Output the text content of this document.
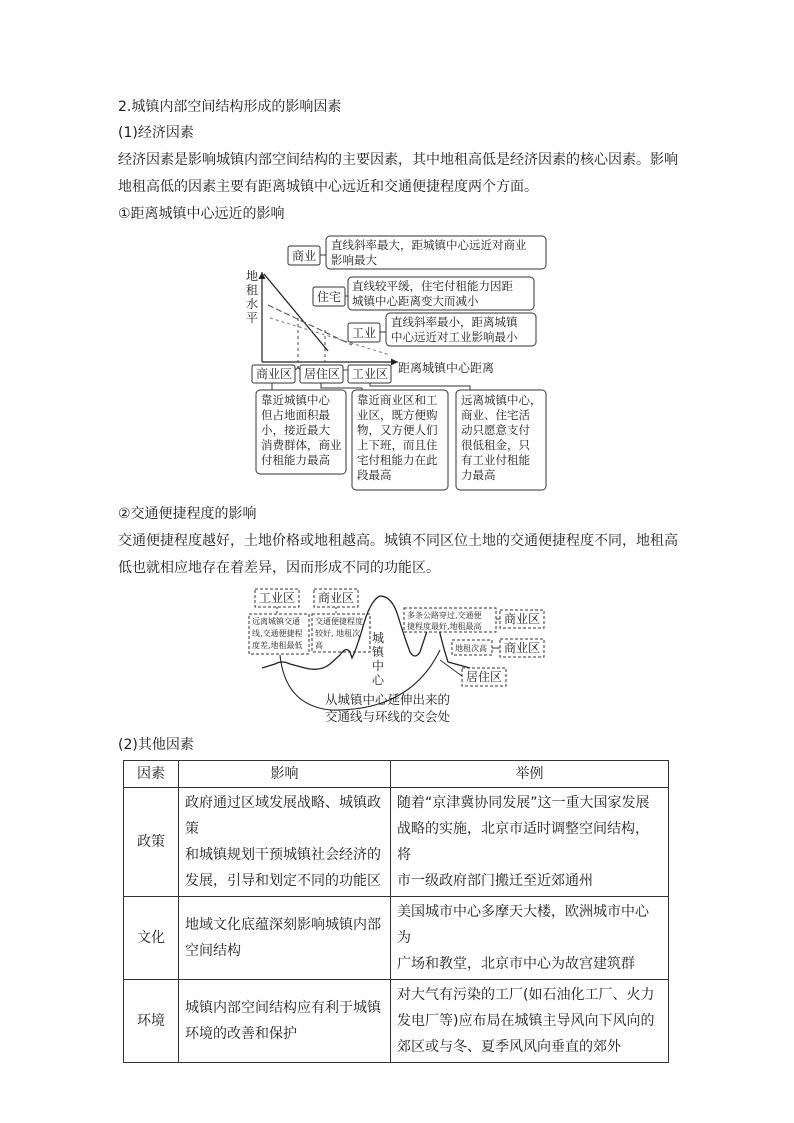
2.城镇内部空间结构形成的影响因素
(1)经济因素
经济因素是影响城镇内部空间结构的主要因素，其中地租高低是经济因素的核心因素。影响
地租高低的因素主要有距离城镇中心远近和交通便捷程度两个方面。
①距离城镇中心远近的影响
地
租
水
平
距离城镇中心距离
商业
住宅
工业
直线斜率最大，距城镇中心远近对商业
影响最大
直线较平缓，住宅付租能力因距
城镇中心距离变大而减小
直线斜率最小，距离城镇
中心远近对工业影响最小
商业区 居住区 工业区
靠近城镇中心
但占地面积最
小，接近最大
消费群体，商业
付租能力最高
靠近商业区和工
业区，既方便购
物，又方便人们
上下班，而且住
宅付租能力在此
段最高
远离城镇中心，
商业、住宅活
动只愿意支付
很低租金，只
有工业付租能
力最高
工业区 商业区
远离城镇交通
线,交通便捷程
度差,地租最低
交通便捷程度
较好, 地租次
高
城
镇
中
心
多条公路穿过,交通便
捷程度最好,地租最高
商业区
地租次高 商业区
居住区
从城镇中心延伸出来的
交通线与环线的交会处
②交通便捷程度的影响
交通便捷程度越好，土地价格或地租越高。城镇不同区位土地的交通便捷程度不同，地租高
低也就相应地存在着差异，因而形成不同的功能区。
(2)其他因素
因素	影响	举例
政策	政府通过区域发展战略、城镇政策
和城镇规划干预城镇社会经济的
发展，引导和划定不同的功能区	随着“京津冀协同发展”这一重大国家发展
战略的实施，北京市适时调整空间结构，将
市一级政府部门搬迁至近郊通州
文化	地域文化底蕴深刻影响城镇内部
空间结构	美国城市中心多摩天大楼，欧洲城市中心为
广场和教堂，北京市中心为故宫建筑群
环境	城镇内部空间结构应有利于城镇
环境的改善和保护	对大气有污染的工厂(如石油化工厂、火力
发电厂等)应布局在城镇主导风向下风向的
郊区或与冬、夏季风风向垂直的郊外
